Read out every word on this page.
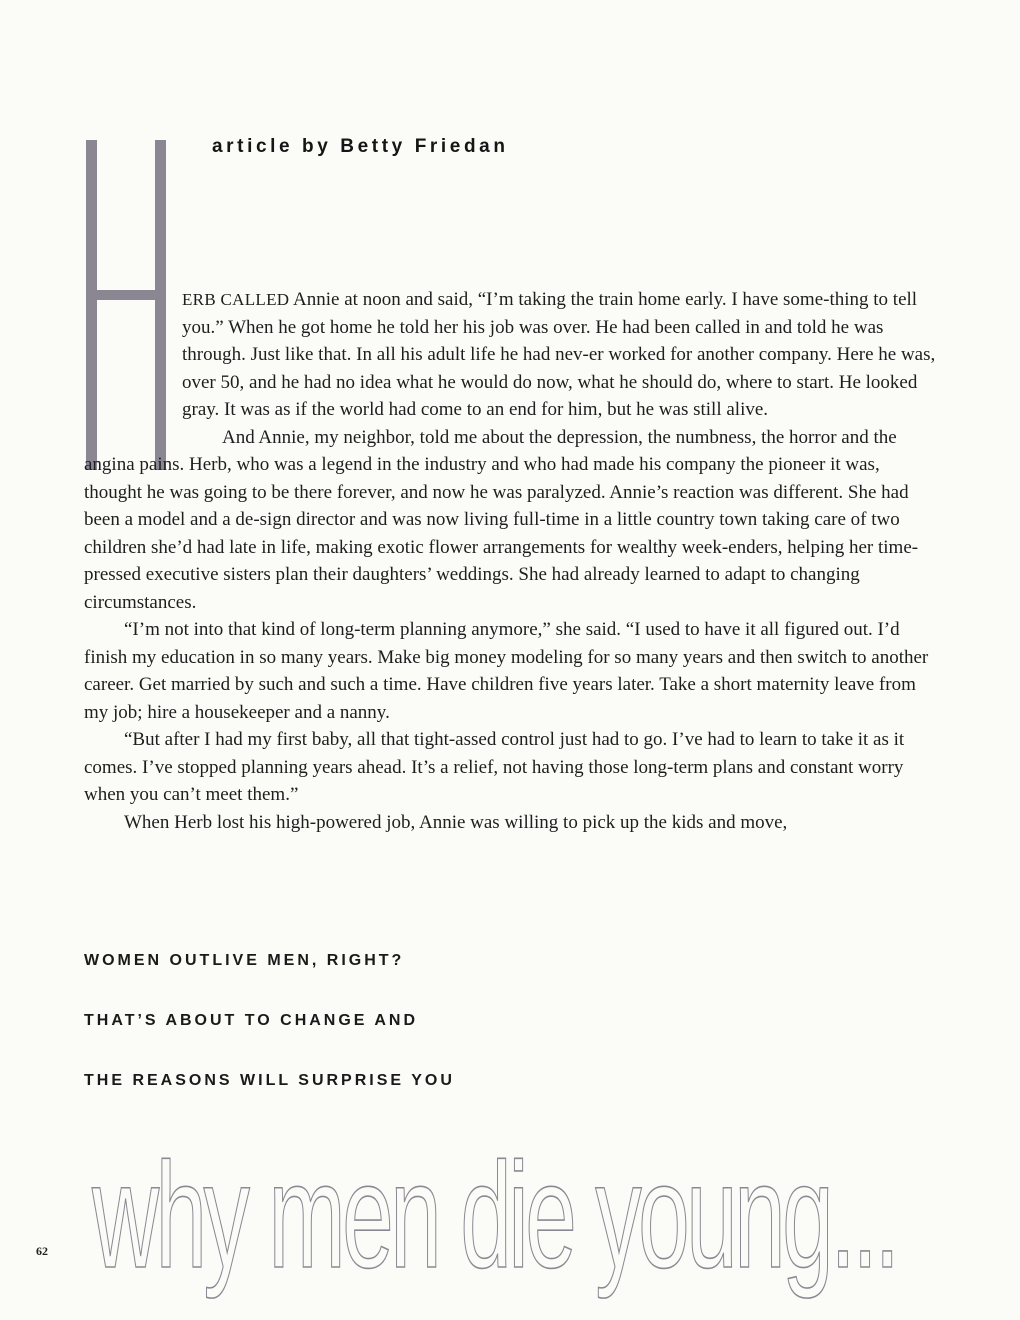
article by Betty Friedan

ERB CALLED Annie at noon and said, “I’m taking the train home early. I have some-thing to tell you.” When he got home he told her his job was over. He had been called in and told he was through. Just like that. In all his adult life he had nev-er worked for another company. Here he was, over 50, and he had no idea what he would do now, what he should do, where to start. He looked gray. It was as if the world had come to an end for him, but he was still alive.

And Annie, my neighbor, told me about the depression, the numbness, the horror and the angina pains. Herb, who was a legend in the industry and who had made his company the pioneer it was, thought he was going to be there forever, and now he was paralyzed. Annie’s reaction was different. She had been a model and a de-sign director and was now living full-time in a little country town taking care of two children she’d had late in life, making exotic flower arrangements for wealthy week-enders, helping her time-pressed executive sisters plan their daughters’ weddings. She had already learned to adapt to changing circumstances.

“I’m not into that kind of long-term planning anymore,” she said. “I used to have it all figured out. I’d finish my education in so many years. Make big money modeling for so many years and then switch to another career. Get married by such and such a time. Have children five years later. Take a short maternity leave from my job; hire a housekeeper and a nanny.

“But after I had my first baby, all that tight-assed control just had to go. I’ve had to learn to take it as it comes. I’ve stopped planning years ahead. It’s a relief, not having those long-term plans and constant worry when you can’t meet them.”

When Herb lost his high-powered job, Annie was willing to pick up the kids and move,

WOMEN OUTLIVE MEN, RIGHT?
THAT’S ABOUT TO CHANGE AND
THE REASONS WILL SURPRISE YOU
62 why men die young...
